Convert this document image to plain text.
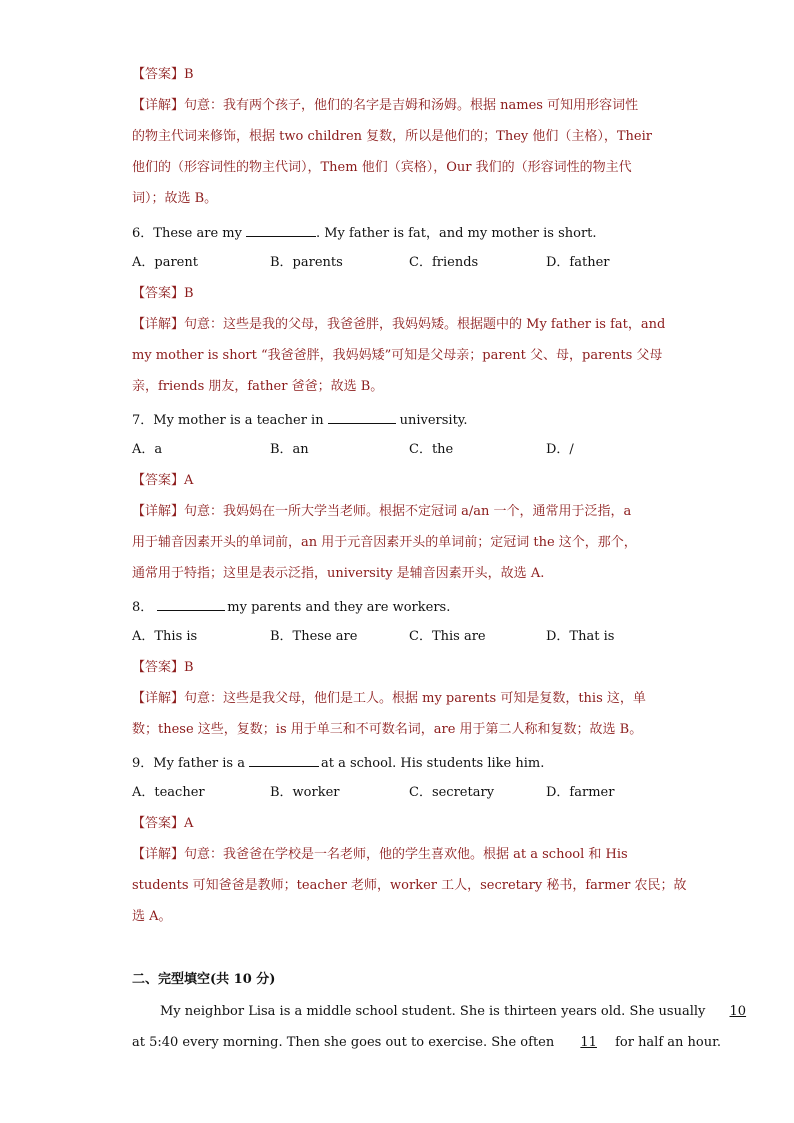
【答案】B
【详解】句意：我有两个孩子，他们的名字是吉姆和汤姆。根据 names 可知用形容词性
的物主代词来修饰，根据 two children 复数，所以是他们的；They 他们（主格），Their
他们的（形容词性的物主代词），Them 他们（宾格），Our 我们的（形容词性的物主代
词）；故选 B。
6．These are my	. My father is fat，and my mother is short.
A．parent	B．parents	C．friends	D．father
【答案】B
【详解】句意：这些是我的父母，我爸爸胖，我妈妈矮。根据题中的 My father is fat，and
my mother is short “我爸爸胖，我妈妈矮”可知是父母亲；parent 父、母，parents 父母
亲，friends 朋友，father 爸爸；故选 B。
7．My mother is a teacher in	university.
A．a	B．an	C．the	D．/
【答案】A
【详解】句意：我妈妈在一所大学当老师。根据不定冠词 a/an 一个，通常用于泛指，a
用于辅音因素开头的单词前，an 用于元音因素开头的单词前；定冠词 the 这个，那个，
通常用于特指；这里是表示泛指，university 是辅音因素开头，故选 A.
8．	my parents and they are workers.
A．This is	B．These are	C．This are	D．That is
【答案】B
【详解】句意：这些是我父母，他们是工人。根据 my parents 可知是复数，this 这，单
数；these 这些，复数；is 用于单三和不可数名词，are 用于第二人称和复数；故选 B。
9．My father is a	at a school. His students like him.
A．teacher	B．worker	C．secretary	D．farmer
【答案】A
【详解】句意：我爸爸在学校是一名老师，他的学生喜欢他。根据 at a school 和 His
students 可知爸爸是教师；teacher 老师，worker 工人，secretary 秘书，farmer 农民；故
选 A。
二、完型填空(共 10 分)
My neighbor Lisa is a middle school student. She is thirteen years old. She usually 10
at 5:40 every morning. Then she goes out to exercise. She often 11 for half an hour.
